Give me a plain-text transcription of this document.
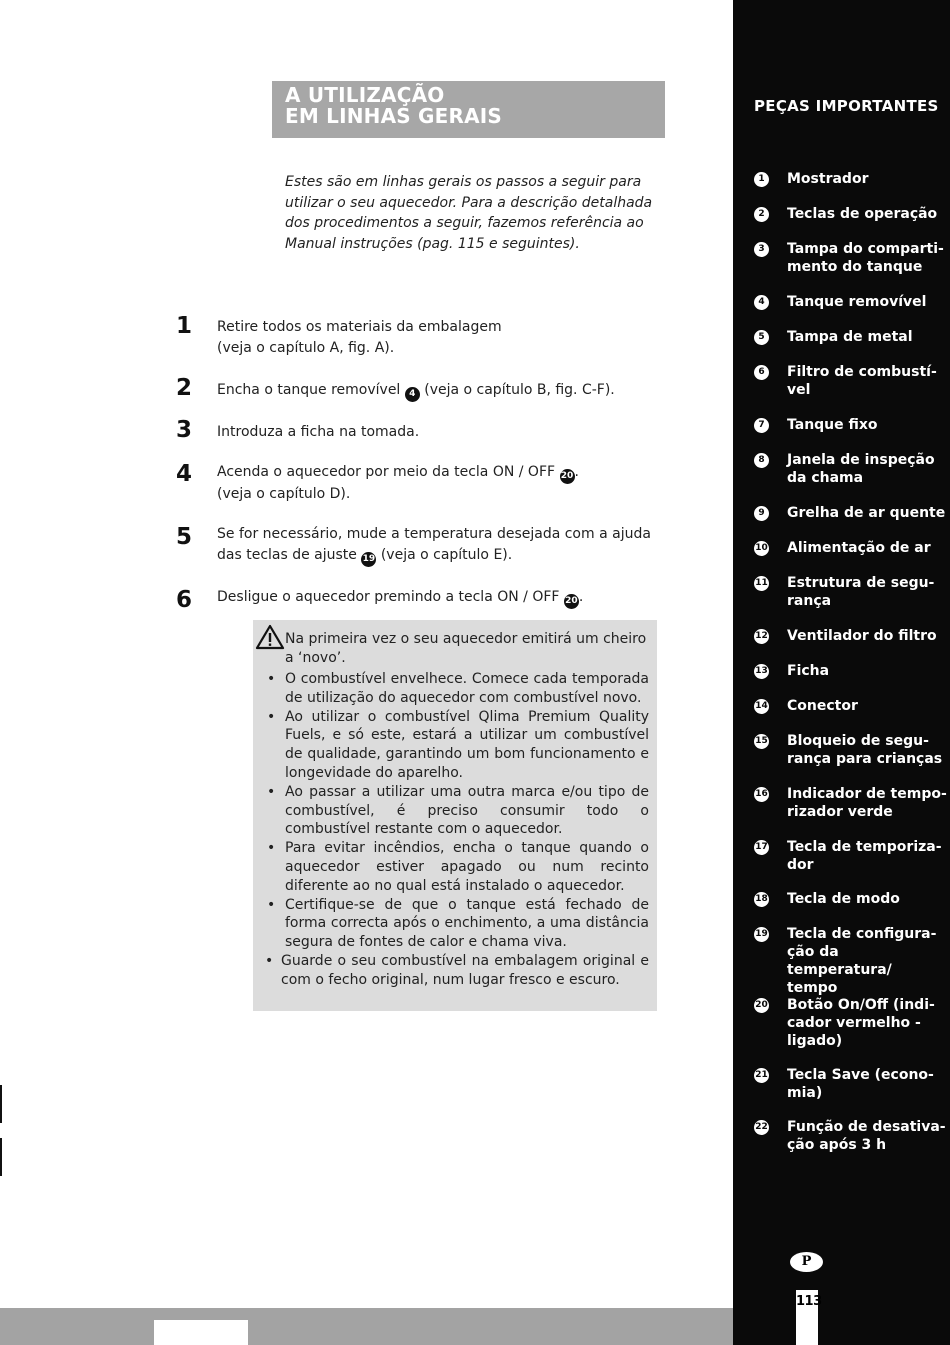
A UTILIZAÇÃO
EM LINHAS GERAIS

Estes são em linhas gerais os passos a seguir para utilizar o seu aquecedor. Para a descrição detalhada dos procedimentos a seguir, fazemos referência ao Manual instruções (pag. 115 e seguintes).

1	Retire todos os materiais da embalagem
(veja o capítulo A, fig. A).
2	Encha o tanque removível 4 (veja o capítulo B, fig. C-F).
3	Introduza a ficha na tomada.
4	Acenda o aquecedor por meio da tecla ON / OFF 20.
(veja o capítulo D).
5	Se for necessário, mude a temperatura desejada com a ajuda
das teclas de ajuste 19 (veja o capítulo E).
6	Desligue o aquecedor premindo a tecla ON / OFF 20.

Na primeira vez o seu aquecedor emitirá um cheiro a ‘novo’.

• O combustível envelhece. Comece cada temporada de utilização do aquecedor com combustível novo.
• Ao utilizar o combustível Qlima Premium Quality Fuels, e só este, estará a utilizar um combustível de qualidade, garantindo um bom funcionamento e longevidade do aparelho.
• Ao passar a utilizar uma outra marca e/ou tipo de combustível, é preciso consumir todo o combustível restante com o aquecedor.
• Para evitar incêndios, encha o tanque quando o aquecedor estiver apagado ou num recinto diferente ao no qual está instalado o aquecedor.
• Certifique-se de que o tanque está fechado de forma correcta após o enchimento, a uma distância segura de fontes de calor e chama viva.
• Guarde o seu combustível na embalagem original e com o fecho original, num lugar fresco e escuro.
PEÇAS IMPORTANTES
1	Mostrador
2	Teclas de operação
3	Tampa do comparti-
mento do tanque
4	Tanque removível
5	Tampa de metal
6	Filtro de combustí-
vel
7	Tanque fixo
8	Janela de inspeção
da chama
9	Grelha de ar quente
10 Alimentação de ar
11 Estrutura de segu-
rança
12 Ventilador do filtro
13 Ficha
14 Conector
15 Bloqueio de segu-
rança para crianças
16 Indicador de tempo-
rizador verde
17 Tecla de temporiza-
dor
18 Tecla de modo
19 Tecla de configura-
ção da temperatura/
tempo
20 Botão On/Off (indi-
cador vermelho -
ligado)
21 Tecla Save (econo-
mia)
22 Função de desativa-
ção após 3 h
P
113
